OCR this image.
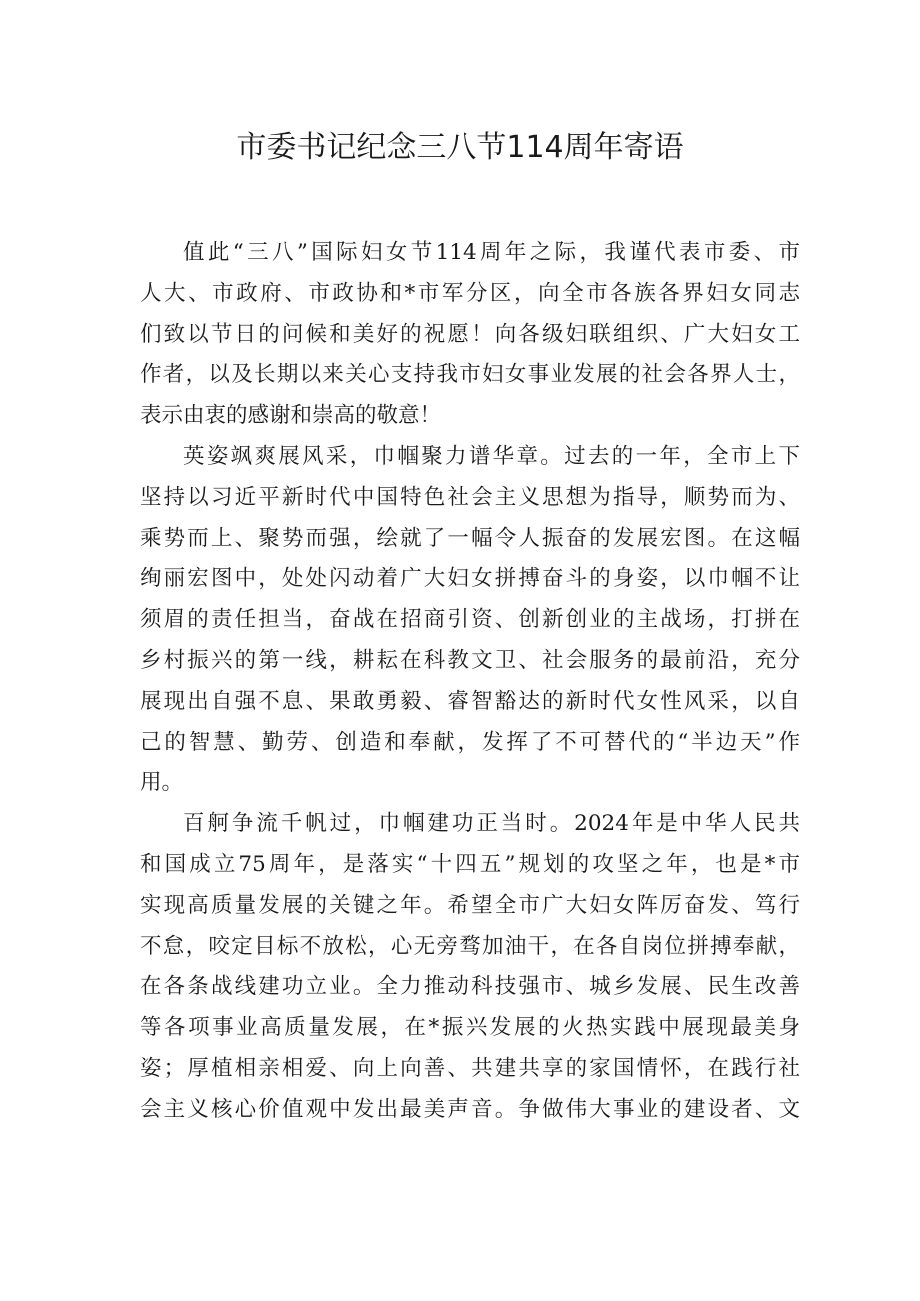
市委书记纪念三八节114周年寄语
值此“三八”国际妇女节114周年之际，我谨代表市委、市
人大、市政府、市政协和*市军分区，向全市各族各界妇女同志
们致以节日的问候和美好的祝愿！向各级妇联组织、广大妇女工
作者，以及长期以来关心支持我市妇女事业发展的社会各界人士，
表示由衷的感谢和崇高的敬意！
英姿飒爽展风采，巾帼聚力谱华章。过去的一年，全市上下
坚持以习近平新时代中国特色社会主义思想为指导，顺势而为、
乘势而上、聚势而强，绘就了一幅令人振奋的发展宏图。在这幅
绚丽宏图中，处处闪动着广大妇女拼搏奋斗的身姿，以巾帼不让
须眉的责任担当，奋战在招商引资、创新创业的主战场，打拼在
乡村振兴的第一线，耕耘在科教文卫、社会服务的最前沿，充分
展现出自强不息、果敢勇毅、睿智豁达的新时代女性风采，以自
己的智慧、勤劳、创造和奉献，发挥了不可替代的“半边天”作
用。
百舸争流千帆过，巾帼建功正当时。2024年是中华人民共
和国成立75周年，是落实“十四五”规划的攻坚之年，也是*市
实现高质量发展的关键之年。希望全市广大妇女阵厉奋发、笃行
不怠，咬定目标不放松，心无旁骛加油干，在各自岗位拼搏奉献，
在各条战线建功立业。全力推动科技强市、城乡发展、民生改善
等各项事业高质量发展，在*振兴发展的火热实践中展现最美身
姿；厚植相亲相爱、向上向善、共建共享的家国情怀，在践行社
会主义核心价值观中发出最美声音。争做伟大事业的建设者、文
